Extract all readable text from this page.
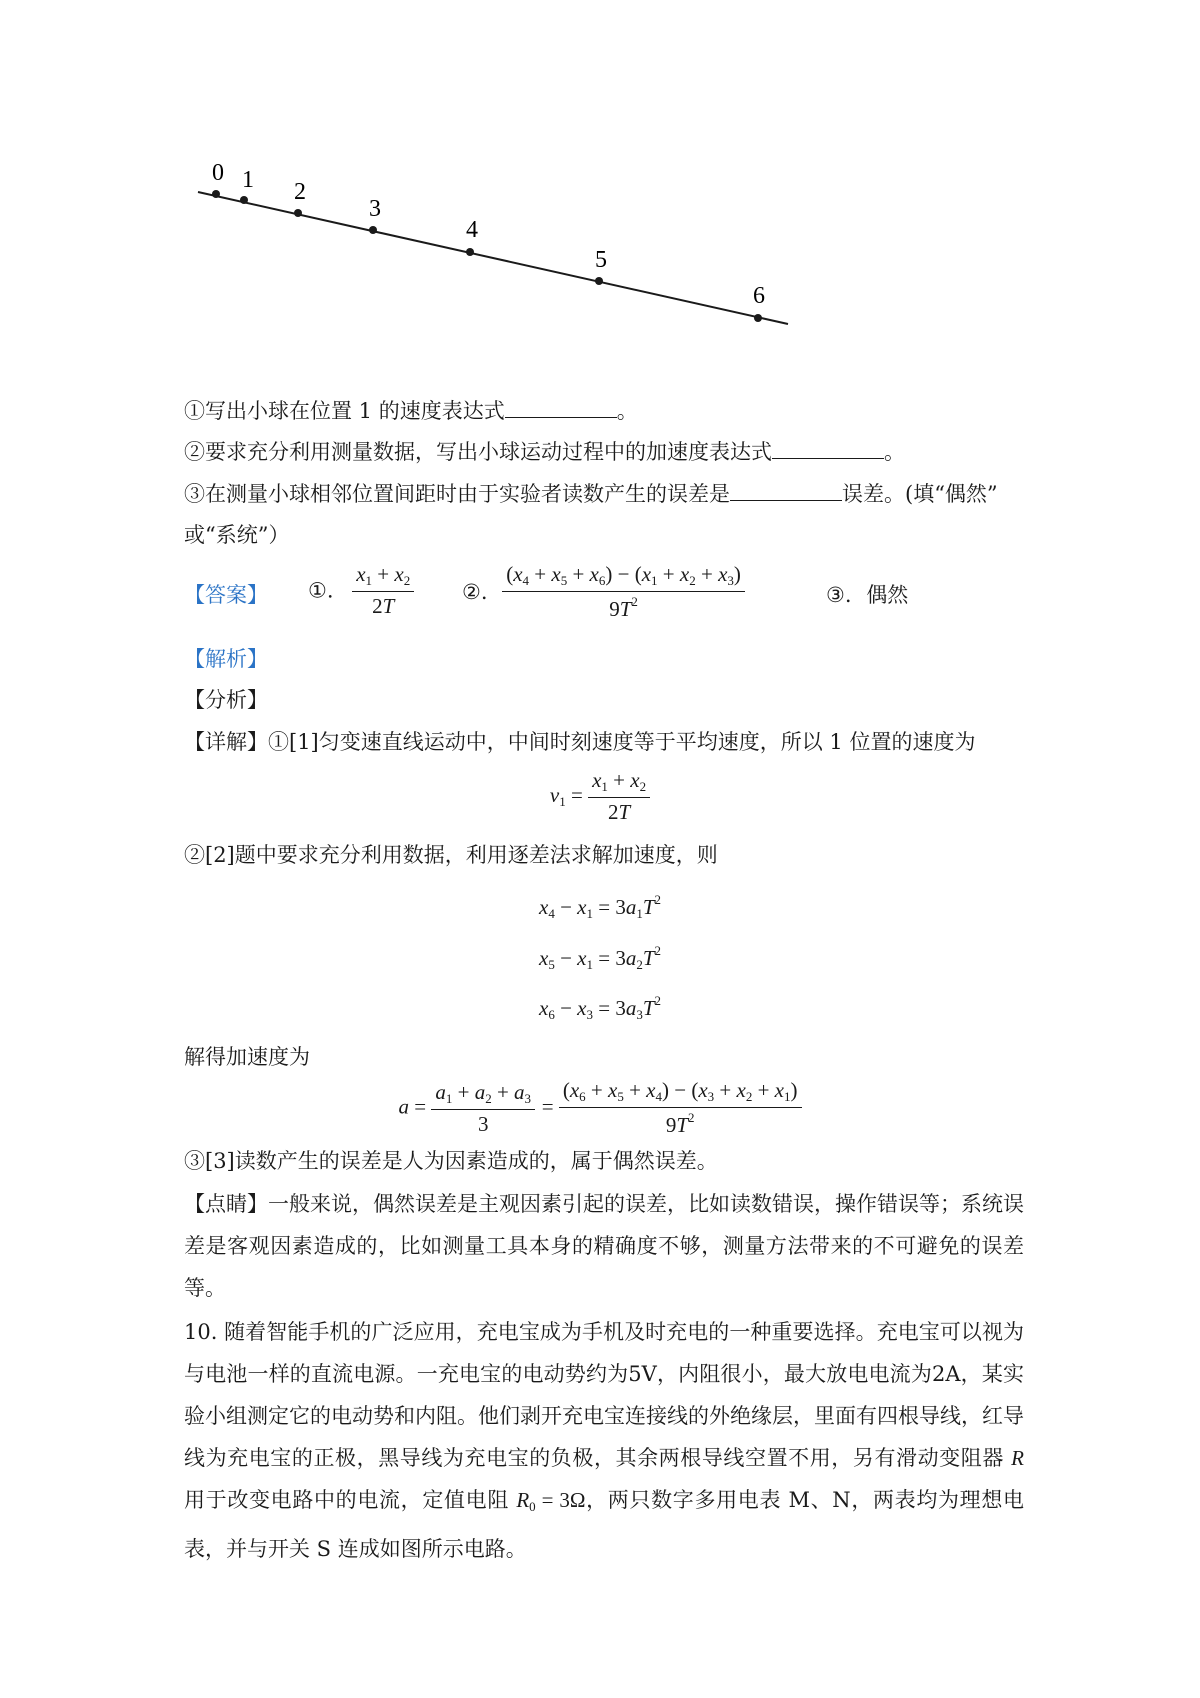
0 1 2
3
4
5
6
①写出小球在位置 1 的速度表达式	。
②要求充分利用测量数据，写出小球运动过程中的加速度表达式	。
③在测量小球相邻位置间距时由于实验者读数产生的误差是	误差。(填“偶然”
或“系统”）
【答案】 ①. $\frac{x_1 + x_2}{2T}$ ②. $\frac{(x_4 + x_5 + x_6) - (x_1 + x_2 + x_3)}{9T^2}$	③. 偶然
【解析】
【分析】
【详解】①[1]匀变速直线运动中，中间时刻速度等于平均速度，所以 1 位置的速度为
$v_1 = \frac{x_1 + x_2}{2T}$
②[2]题中要求充分利用数据，利用逐差法求解加速度，则
$x_4 - x_1 = 3a_1T^2$
$x_5 - x_1 = 3a_2T^2$
$x_6 - x_3 = 3a_3T^2$
解得加速度为
$a = \frac{a_1 + a_2 + a_3}{3} = \frac{(x_6 + x_5 + x_4) - (x_3 + x_2 + x_1)}{9T^2}$
③[3]读数产生的误差是人为因素造成的，属于偶然误差。

【点睛】一般来说，偶然误差是主观因素引起的误差，比如读数错误，操作错误等；系统误差是客观因素造成的，比如测量工具本身的精确度不够，测量方法带来的不可避免的误差等。

10. 随着智能手机的广泛应用，充电宝成为手机及时充电的一种重要选择。充电宝可以视为与电池一样的直流电源。一充电宝的电动势约为5V，内阻很小，最大放电电流为2A，某实验小组测定它的电动势和内阻。他们剥开充电宝连接线的外绝缘层，里面有四根导线，红导线为充电宝的正极，黑导线为充电宝的负极，其余两根导线空置不用，另有滑动变阻器 R 用于改变电路中的电流，定值电阻 $R_0 = 3\Omega$，两只数字多用电表 M、N，两表均为理想电表，并与开关 S 连成如图所示电路。
